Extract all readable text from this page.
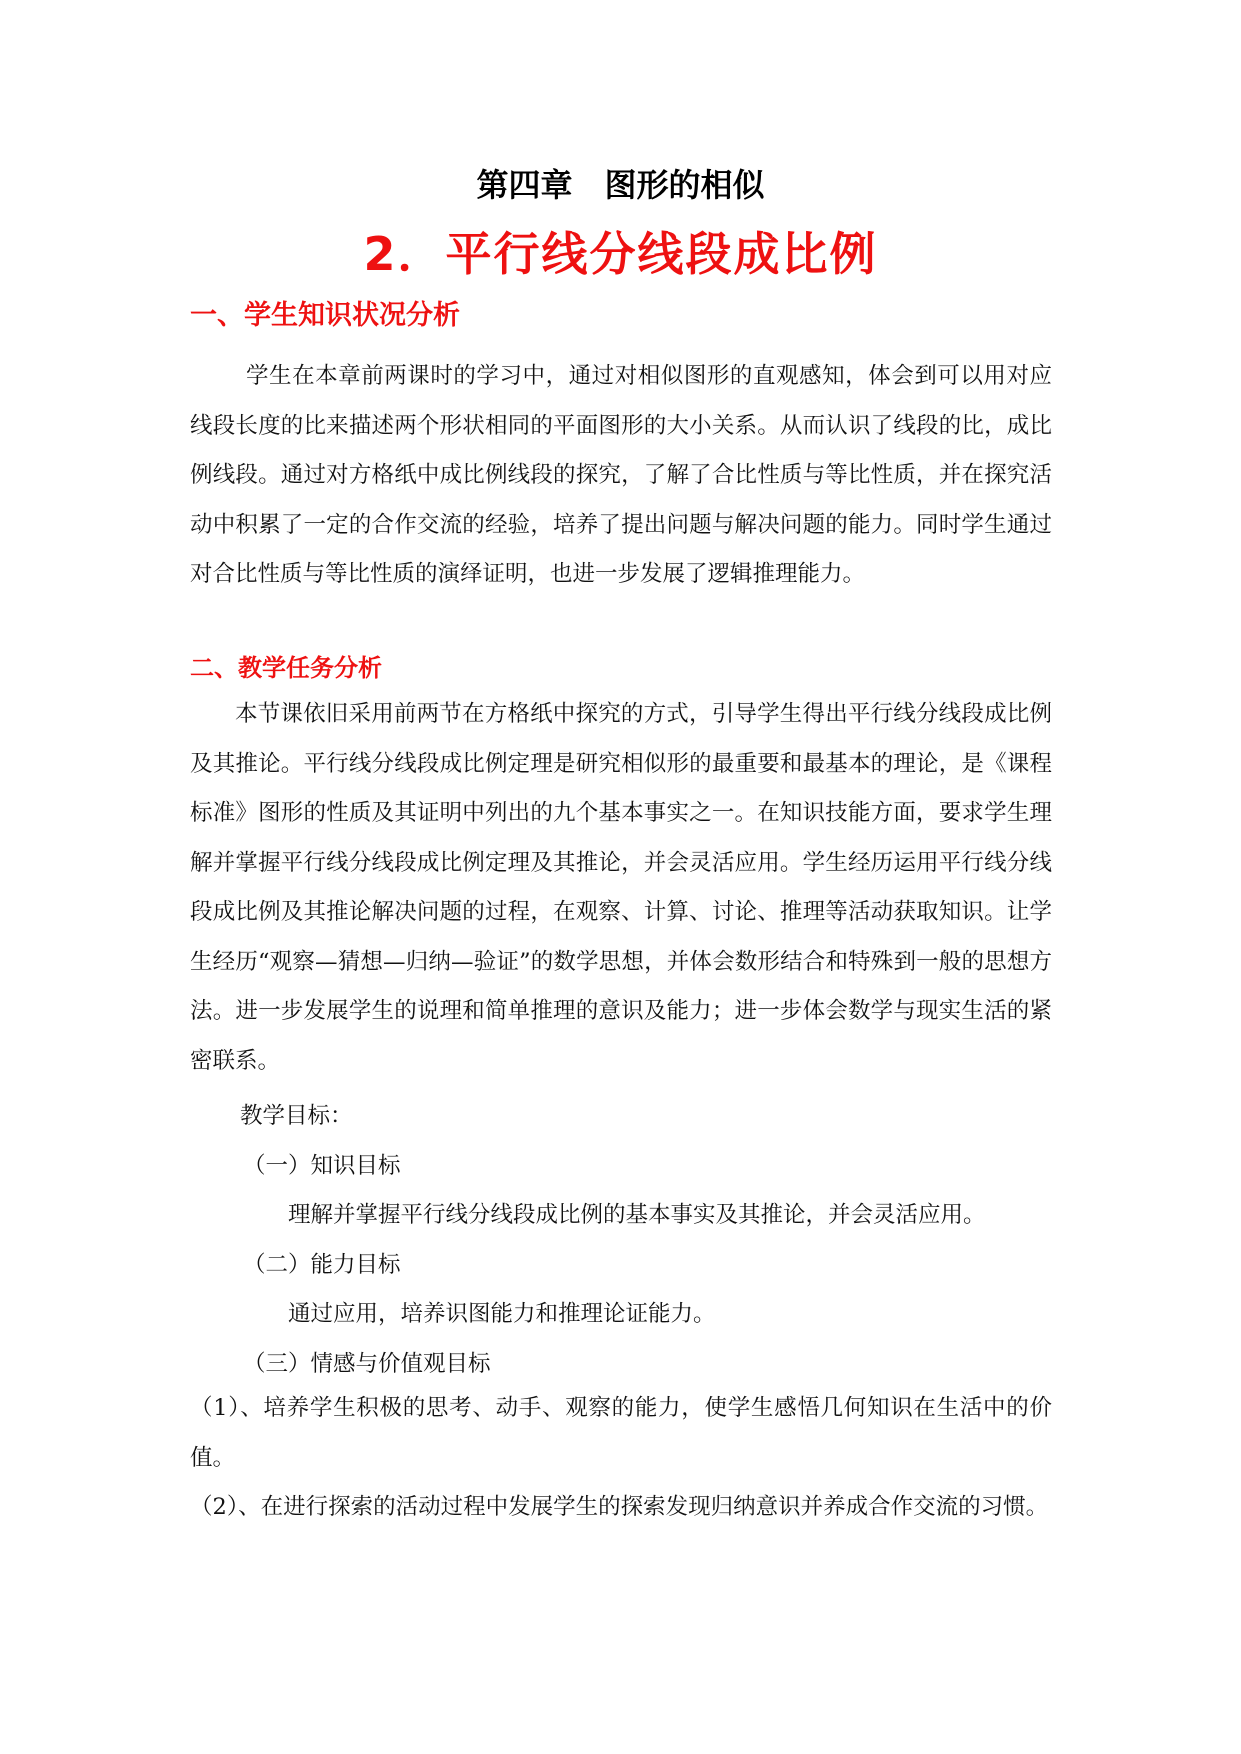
第四章　图形的相似
2．平行线分线段成比例
一、学生知识状况分析

学生在本章前两课时的学习中，通过对相似图形的直观感知，体会到可以用对应线段长度的比来描述两个形状相同的平面图形的大小关系。从而认识了线段的比，成比例线段。通过对方格纸中成比例线段的探究，了解了合比性质与等比性质，并在探究活动中积累了一定的合作交流的经验，培养了提出问题与解决问题的能力。同时学生通过对合比性质与等比性质的演绎证明，也进一步发展了逻辑推理能力。

二、教学任务分析

本节课依旧采用前两节在方格纸中探究的方式，引导学生得出平行线分线段成比例及其推论。平行线分线段成比例定理是研究相似形的最重要和最基本的理论，是《课程标准》图形的性质及其证明中列出的九个基本事实之一。在知识技能方面，要求学生理解并掌握平行线分线段成比例定理及其推论，并会灵活应用。学生经历运用平行线分线段成比例及其推论解决问题的过程，在观察、计算、讨论、推理等活动获取知识。让学生经历“观察—猜想—归纳—验证”的数学思想，并体会数形结合和特殊到一般的思想方法。进一步发展学生的说理和简单推理的意识及能力；进一步体会数学与现实生活的紧密联系。

教学目标：
（一）知识目标
理解并掌握平行线分线段成比例的基本事实及其推论，并会灵活应用。
（二）能力目标
通过应用，培养识图能力和推理论证能力。
（三）情感与价值观目标

（1）、培养学生积极的思考、动手、观察的能力，使学生感悟几何知识在生活中的价值。

（2）、在进行探索的活动过程中发展学生的探索发现归纳意识并养成合作交流的习惯。
